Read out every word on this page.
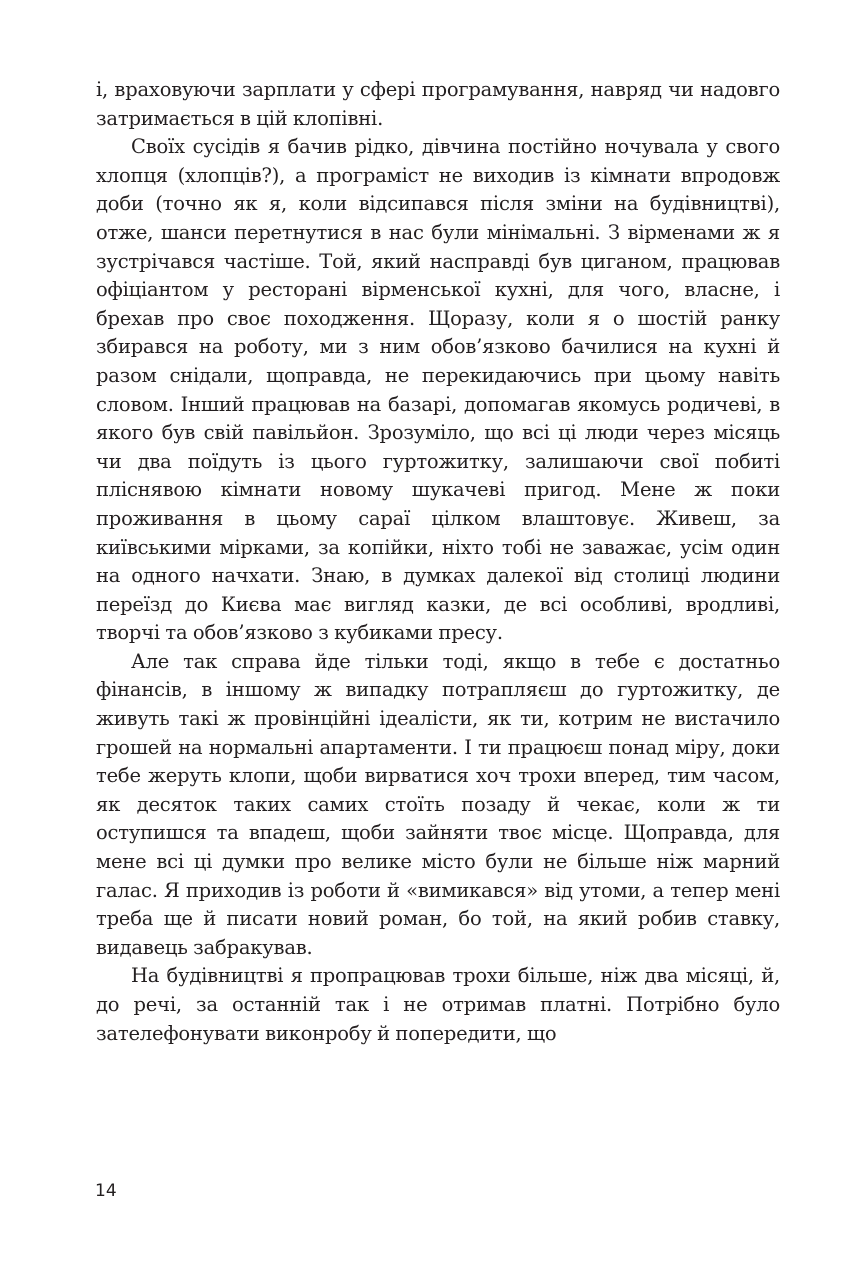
і, враховуючи зарплати у сфері програмування, навряд чи надовго затримається в цій клопівні.

Своїх сусідів я бачив рідко, дівчина постійно ночувала у свого хлопця (хлопців?), а програміст не виходив із кімнати впродовж доби (точно як я, коли відсипався після зміни на будівництві), отже, шанси перетнутися в нас були мінімальні. З вірменами ж я зустрічався частіше. Той, який насправді був циганом, працював офіціантом у ресторані вірменської кухні, для чого, власне, і брехав про своє походження. Щоразу, коли я о шостій ранку збирався на роботу, ми з ним обов’язково бачилися на кухні й разом снідали, щоправда, не перекидаючись при цьому навіть словом. Інший працював на базарі, допомагав якомусь родичеві, в якого був свій павільйон. Зрозуміло, що всі ці люди через місяць чи два поїдуть із цього гуртожитку, залишаючи свої побиті пліснявою кімнати новому шукачеві пригод. Мене ж поки проживання в цьому сараї цілком влаштовує. Живеш, за київськими мірками, за копійки, ніхто тобі не заважає, усім один на одного начхати. Знаю, в думках далекої від столиці людини переїзд до Києва має вигляд казки, де всі особливі, вродливі, творчі та обов’язково з кубиками пресу.

Але так справа йде тільки тоді, якщо в тебе є достатньо фінансів, в іншому ж випадку потрапляєш до гуртожитку, де живуть такі ж провінційні ідеалісти, як ти, котрим не вистачило грошей на нормальні апартаменти. І ти працюєш понад міру, доки тебе жеруть клопи, щоби вирватися хоч трохи вперед, тим часом, як десяток таких самих стоїть позаду й чекає, коли ж ти оступишся та впадеш, щоби зайняти твоє місце. Щоправда, для мене всі ці думки про велике місто були не більше ніж марний галас. Я приходив із роботи й «вимикався» від утоми, а тепер мені треба ще й писати новий роман, бо той, на який робив ставку, видавець забракував.

На будівництві я пропрацював трохи більше, ніж два місяці, й, до речі, за останній так і не отримав платні. Потрібно було зателефонувати виконробу й попередити, що

14
